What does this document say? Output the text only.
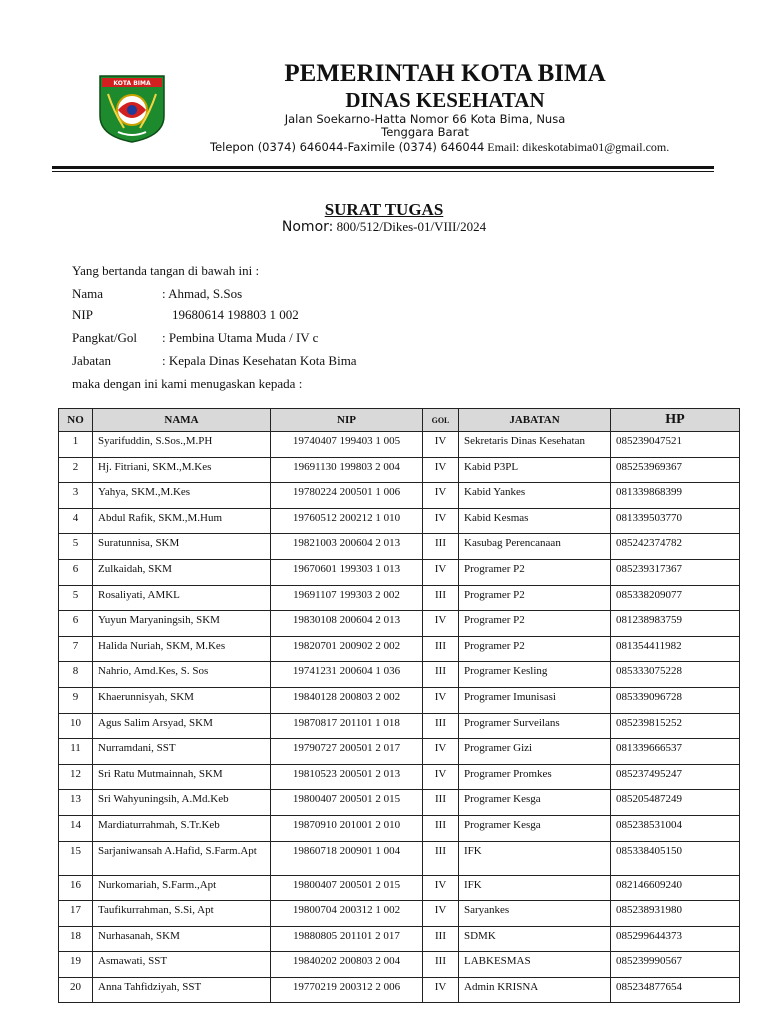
KOTA BIMA	PEMERINTAH KOTA BIMA
DINAS KESEHATAN
Jalan Soekarno-Hatta Nomor 66 Kota Bima, Nusa
Tenggara Barat
Telepon (0374) 646044-Faximile (0374) 646044 Email: dikeskotabima01@gmail.com.
SURAT TUGAS
Nomor: 800/512/Dikes-01/VIII/2024
Yang bertanda tangan di bawah ini :
Nama	: Ahmad, S.Sos
NIP	19680614 198803 1 002
Pangkat/Gol : Pembina Utama Muda / IV c
Jabatan	: Kepala Dinas Kesehatan Kota Bima
maka dengan ini kami menugaskan kepada :
NO	NAMA	NIP	GOL	JABATAN	HP
1	Syarifuddin, S.Sos.,M.PH	19740407 199403 1 005	IV	Sekretaris Dinas Kesehatan	085239047521
2	Hj. Fitriani, SKM.,M.Kes	19691130 199803 2 004	IV	Kabid P3PL	085253969367
3	Yahya, SKM.,M.Kes	19780224 200501 1 006	IV	Kabid Yankes	081339868399
4	Abdul Rafik, SKM.,M.Hum	19760512 200212 1 010	IV	Kabid Kesmas	081339503770
5	Suratunnisa, SKM	19821003 200604 2 013	III	Kasubag Perencanaan	085242374782
6	Zulkaidah, SKM	19670601 199303 1 013	IV	Programer P2	085239317367
5	Rosaliyati, AMKL	19691107 199303 2 002	III	Programer P2	085338209077
6	Yuyun Maryaningsih, SKM	19830108 200604 2 013	IV	Programer P2	081238983759
7	Halida Nuriah, SKM, M.Kes	19820701 200902 2 002	III	Programer P2	081354411982
8	Nahrio, Amd.Kes, S. Sos	19741231 200604 1 036	III	Programer Kesling	085333075228
9	Khaerunnisyah, SKM	19840128 200803 2 002	IV	Programer Imunisasi	085339096728
10	Agus Salim Arsyad, SKM	19870817 201101 1 018	III	Programer Surveilans	085239815252
11	Nurramdani, SST	19790727 200501 2 017	IV	Programer Gizi	081339666537
12	Sri Ratu Mutmainnah, SKM	19810523 200501 2 013	IV	Programer Promkes	085237495247
13	Sri Wahyuningsih, A.Md.Keb	19800407 200501 2 015	III	Programer Kesga	085205487249
14	Mardiaturrahmah, S.Tr.Keb	19870910 201001 2 010	III	Programer Kesga	085238531004
15	Sarjaniwansah A.Hafid, S.Farm.Apt	19860718 200901 1 004	III	IFK	085338405150
16	Nurkomariah, S.Farm.,Apt	19800407 200501 2 015	IV	IFK	082146609240
17	Taufikurrahman, S.Si, Apt	19800704 200312 1 002	IV	Saryankes	085238931980
18	Nurhasanah, SKM	19880805 201101 2 017	III	SDMK	085299644373
19	Asmawati, SST	19840202 200803 2 004	III	LABKESMAS	085239990567
20	Anna Tahfidziyah, SST	19770219 200312 2 006	IV	Admin KRISNA	085234877654
